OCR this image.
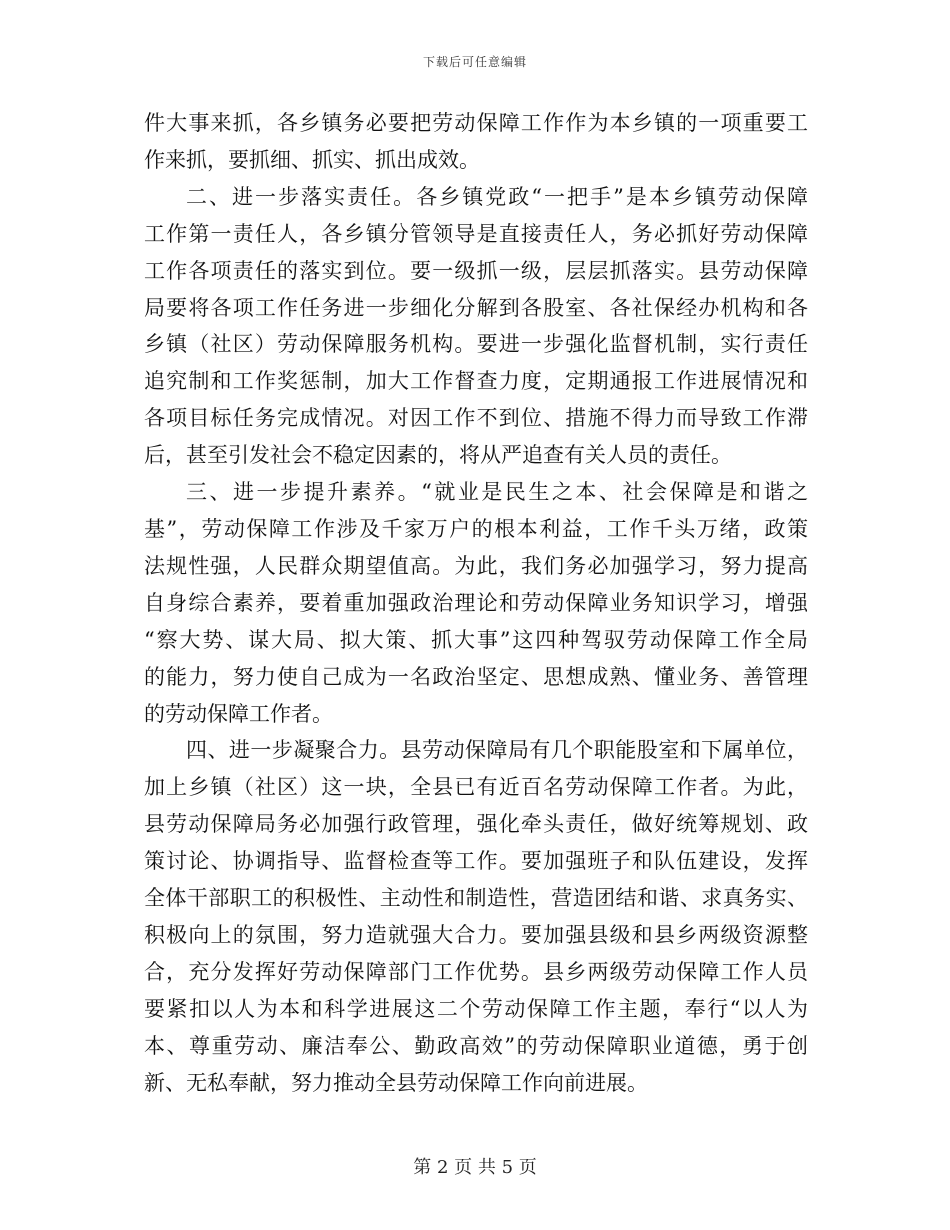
下载后可任意编辑
件大事来抓，各乡镇务必要把劳动保障工作作为本乡镇的一项重要工
作来抓，要抓细、抓实、抓出成效。
二、进一步落实责任。各乡镇党政“一把手”是本乡镇劳动保障
工作第一责任人，各乡镇分管领导是直接责任人，务必抓好劳动保障
工作各项责任的落实到位。要一级抓一级，层层抓落实。县劳动保障
局要将各项工作任务进一步细化分解到各股室、各社保经办机构和各
乡镇（社区）劳动保障服务机构。要进一步强化监督机制，实行责任
追究制和工作奖惩制，加大工作督查力度，定期通报工作进展情况和
各项目标任务完成情况。对因工作不到位、措施不得力而导致工作滞
后，甚至引发社会不稳定因素的，将从严追查有关人员的责任。
三、进一步提升素养。“就业是民生之本、社会保障是和谐之
基”，劳动保障工作涉及千家万户的根本利益，工作千头万绪，政策
法规性强，人民群众期望值高。为此，我们务必加强学习，努力提高
自身综合素养，要着重加强政治理论和劳动保障业务知识学习，增强
“察大势、谋大局、拟大策、抓大事”这四种驾驭劳动保障工作全局
的能力，努力使自己成为一名政治坚定、思想成熟、懂业务、善管理
的劳动保障工作者。
四、进一步凝聚合力。县劳动保障局有几个职能股室和下属单位，
加上乡镇（社区）这一块，全县已有近百名劳动保障工作者。为此，
县劳动保障局务必加强行政管理，强化牵头责任，做好统筹规划、政
策讨论、协调指导、监督检查等工作。要加强班子和队伍建设，发挥
全体干部职工的积极性、主动性和制造性，营造团结和谐、求真务实、
积极向上的氛围，努力造就强大合力。要加强县级和县乡两级资源整
合，充分发挥好劳动保障部门工作优势。县乡两级劳动保障工作人员
要紧扣以人为本和科学进展这二个劳动保障工作主题，奉行“以人为
本、尊重劳动、廉洁奉公、勤政高效”的劳动保障职业道德，勇于创
新、无私奉献，努力推动全县劳动保障工作向前进展。
第 2 页 共 5 页
